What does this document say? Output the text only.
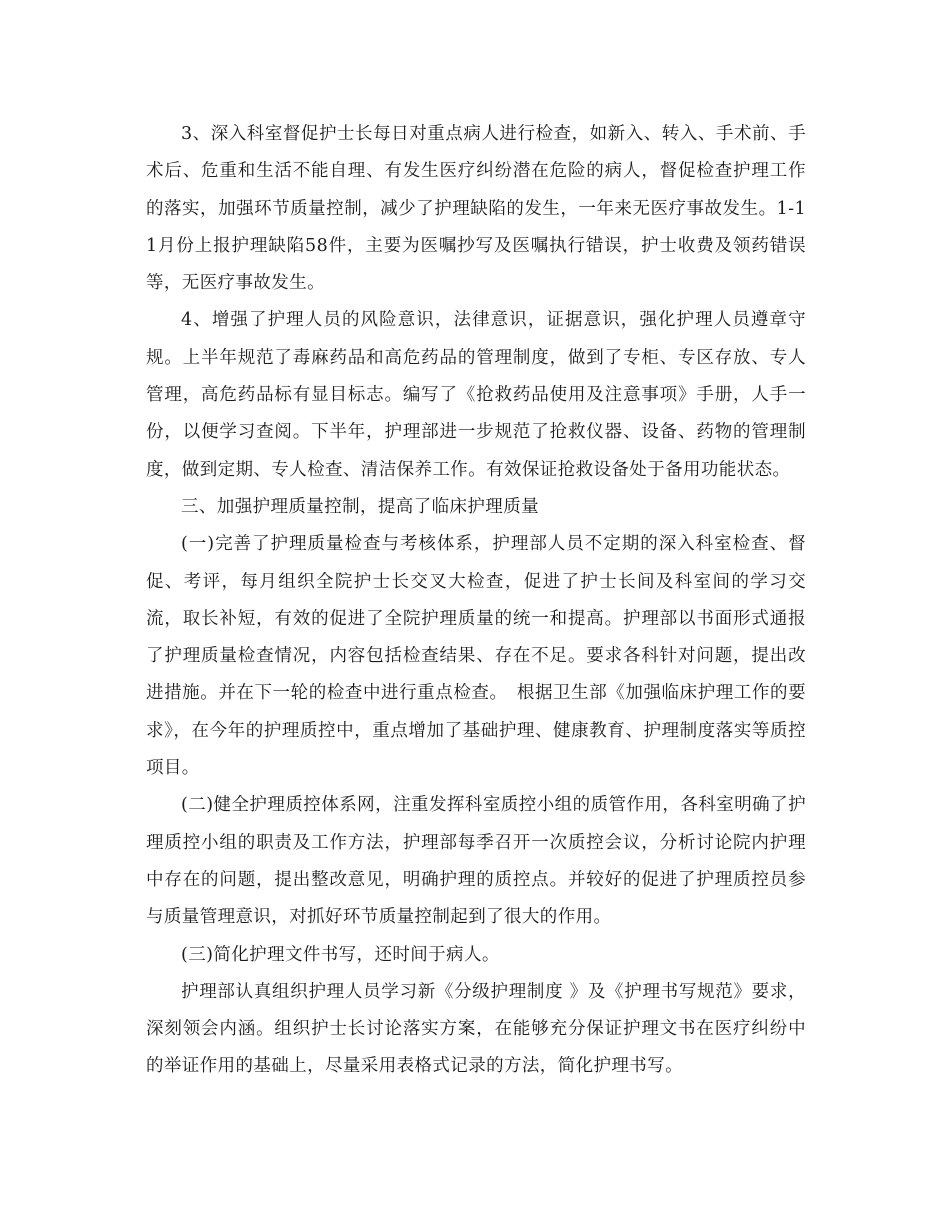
3、深入科室督促护士长每日对重点病人进行检查，如新入、转入、手术前、手术后、危重和生活不能自理、有发生医疗纠纷潜在危险的病人，督促检查护理工作的落实，加强环节质量控制，减少了护理缺陷的发生，一年来无医疗事故发生。1-11月份上报护理缺陷58件，主要为医嘱抄写及医嘱执行错误，护士收费及领药错误等，无医疗事故发生。

4、增强了护理人员的风险意识，法律意识，证据意识，强化护理人员遵章守规。上半年规范了毒麻药品和高危药品的管理制度，做到了专柜、专区存放、专人管理，高危药品标有显目标志。编写了《抢救药品使用及注意事项》手册，人手一份，以便学习查阅。下半年，护理部进一步规范了抢救仪器、设备、药物的管理制度，做到定期、专人检查、清洁保养工作。有效保证抢救设备处于备用功能状态。

三、加强护理质量控制，提高了临床护理质量

(一)完善了护理质量检查与考核体系，护理部人员不定期的深入科室检查、督促、考评，每月组织全院护士长交叉大检查，促进了护士长间及科室间的学习交流，取长补短，有效的促进了全院护理质量的统一和提高。护理部以书面形式通报了护理质量检查情况，内容包括检查结果、存在不足。要求各科针对问题，提出改进措施。并在下一轮的检查中进行重点检查。　根据卫生部《加强临床护理工作的要求》，在今年的护理质控中，重点增加了基础护理、健康教育、护理制度落实等质控项目。

(二)健全护理质控体系网，注重发挥科室质控小组的质管作用，各科室明确了护理质控小组的职责及工作方法，护理部每季召开一次质控会议，分析讨论院内护理中存在的问题，提出整改意见，明确护理的质控点。并较好的促进了护理质控员参与质量管理意识，对抓好环节质量控制起到了很大的作用。

(三)简化护理文件书写，还时间于病人。

护理部认真组织护理人员学习新《分级护理制度 》及《护理书写规范》要求，深刻领会内涵。组织护士长讨论落实方案，在能够充分保证护理文书在医疗纠纷中的举证作用的基础上，尽量采用表格式记录的方法，简化护理书写。
